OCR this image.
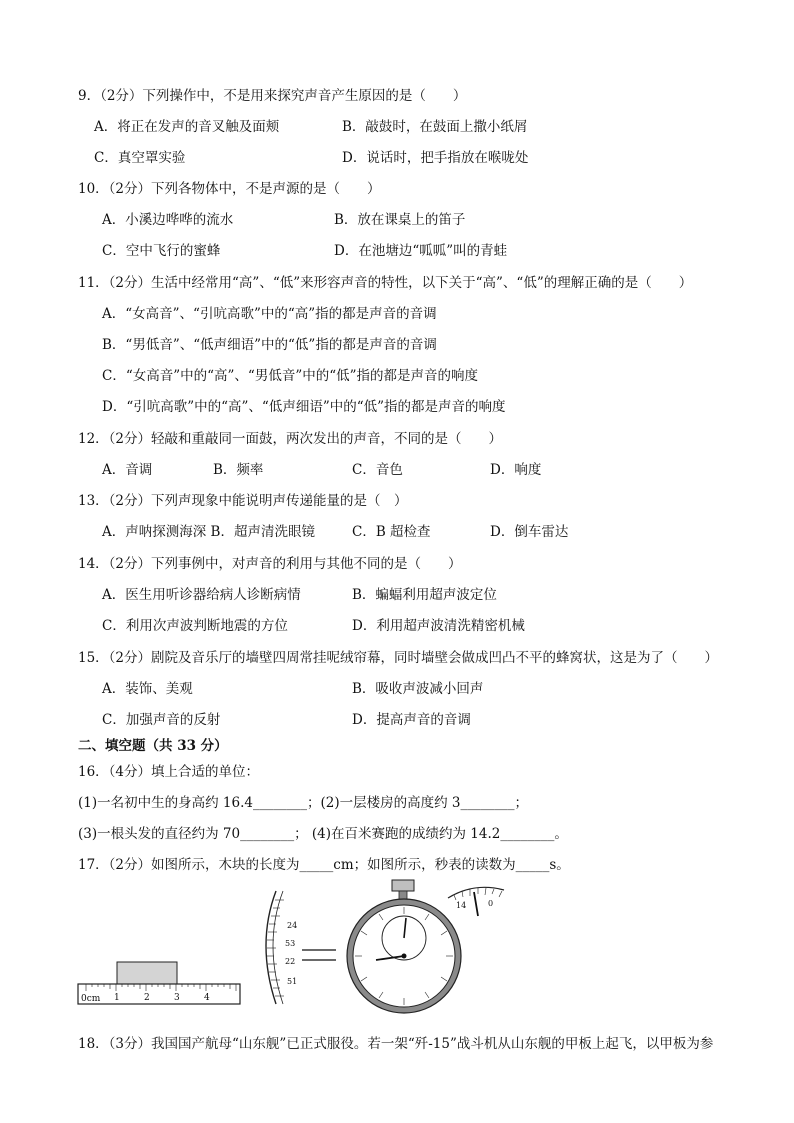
9．（2分）下列操作中，不是用来探究声音产生原因的是（　　）
A．将正在发声的音叉触及面颊	B．敲鼓时，在鼓面上撒小纸屑
C．真空罩实验	D．说话时，把手指放在喉咙处
10．（2分）下列各物体中，不是声源的是（　　）
A．小溪边哗哗的流水	B．放在课桌上的笛子
C．空中飞行的蜜蜂	D．在池塘边“呱呱”叫的青蛙
11．（2分）生活中经常用“高”、“低”来形容声音的特性，以下关于“高”、“低”的理解正确的是（　　）
A．“女高音”、“引吭高歌”中的“高”指的都是声音的音调
B．“男低音”、“低声细语”中的“低”指的都是声音的音调
C．“女高音”中的“高”、“男低音”中的“低”指的都是声音的响度
D．“引吭高歌”中的“高”、“低声细语”中的“低”指的都是声音的响度
12．（2分）轻敲和重敲同一面鼓，两次发出的声音，不同的是（　　）
A．音调	B．频率	C．音色	D．响度
13．（2分）下列声现象中能说明声传递能量的是（　）
A．声呐探测海深 B．超声清洗眼镜	C．B 超检查	D．倒车雷达
14．（2分）下列事例中，对声音的利用与其他不同的是（　　）
A．医生用听诊器给病人诊断病情	B．蝙蝠利用超声波定位
C．利用次声波判断地震的方位	D．利用超声波清洗精密机械
15．（2分）剧院及音乐厅的墙壁四周常挂呢绒帘幕，同时墙壁会做成凹凸不平的蜂窝状，这是为了（　　）
A．装饰、美观	B．吸收声波减小回声
C．加强声音的反射	D．提高声音的音调
二、填空题（共 33 分）
16．（4分）填上合适的单位：
(1)一名初中生的身高约 16.4________；(2)一层楼房的高度约 3________；
(3)一根头发的直径约为 70________； (4)在百米赛跑的成绩约为 14.2________。
17．（2分）如图所示，木块的长度为_____cm；如图所示，秒表的读数为_____s。
0cm 1	2	3	4
24
53
22
51
14	0
18．（3分）我国国产航母“山东舰”已正式服役。若一架“歼-15”战斗机从山东舰的甲板上起飞，以甲板为参
